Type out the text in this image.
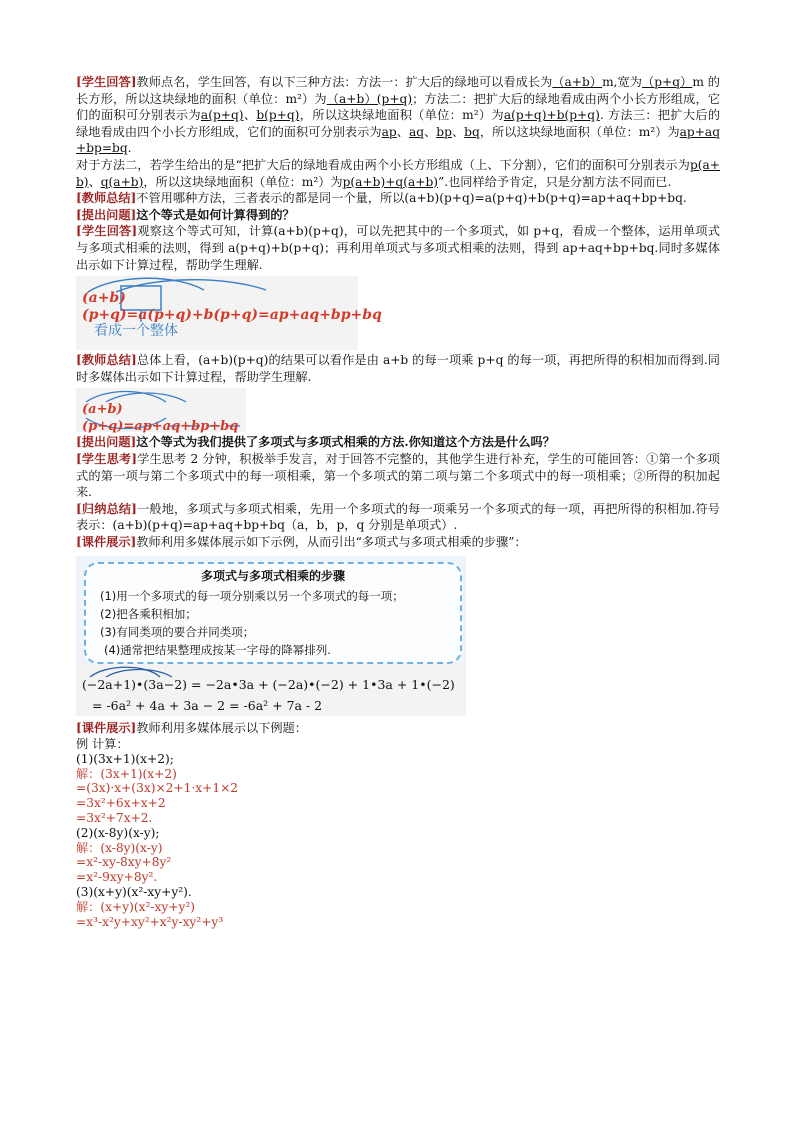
[学生回答]教师点名，学生回答，有以下三种方法：方法一：扩大后的绿地可以看成长为（a+b）m,宽为（p+q）m 的长方形，所以这块绿地的面积（单位：m²）为（a+b）(p+q)；方法二：把扩大后的绿地看成由两个小长方形组成，它们的面积可分别表示为a(p+q)、b(p+q)，所以这块绿地面积（单位：m²）为a(p+q)+b(p+q). 方法三：把扩大后的绿地看成由四个小长方形组成，它们的面积可分别表示为ap、aq、bp、bq，所以这块绿地面积（单位：m²）为ap+aq+bp=bq.

对于方法二，若学生给出的是“把扩大后的绿地看成由两个小长方形组成（上、下分割），它们的面积可分别表示为p(a+b)、q(a+b)，所以这块绿地面积（单位：m²）为p(a+b)+q(a+b)”.也同样给予肯定，只是分割方法不同而已.

[教师总结]不管用哪种方法，三者表示的都是同一个量，所以(a+b)(p+q)=a(p+q)+b(p+q)=ap+aq+bp+bq.

[提出问题]这个等式是如何计算得到的？

[学生回答]观察这个等式可知，计算(a+b)(p+q)，可以先把其中的一个多项式，如 p+q，看成一个整体，运用单项式与多项式相乘的法则，得到 a(p+q)+b(p+q)；再利用单项式与多项式相乘的法则，得到 ap+aq+bp+bq.同时多媒体出示如下计算过程，帮助学生理解.

(a+b)(p+q)=a(p+q)+b(p+q)=ap+aq+bp+bq
看成一个整体

[教师总结]总体上看，(a+b)(p+q)的结果可以看作是由 a+b 的每一项乘 p+q 的每一项，再把所得的积相加而得到.同时多媒体出示如下计算过程，帮助学生理解.

(a+b)(p+q)=ap+aq+bp+bq

[提出问题]这个等式为我们提供了多项式与多项式相乘的方法.你知道这个方法是什么吗？

[学生思考]学生思考 2 分钟，积极举手发言，对于回答不完整的，其他学生进行补充，学生的可能回答：①第一个多项式的第一项与第二个多项式中的每一项相乘，第一个多项式的第二项与第二个多项式中的每一项相乘；②所得的积加起来.

[归纳总结]一般地，多项式与多项式相乘，先用一个多项式的每一项乘另一个多项式的每一项，再把所得的积相加.符号表示：(a+b)(p+q)=ap+aq+bp+bq（a，b，p，q 分别是单项式）.

[课件展示]教师利用多媒体展示如下示例，从而引出“多项式与多项式相乘的步骤”：

多项式与多项式相乘的步骤
(1)用一个多项式的每一项分别乘以另一个多项式的每一项；
(2)把各乘积相加；
(3)有同类项的要合并同类项；
(4)通常把结果整理成按某一字母的降幂排列.
(−2a+1)•(3a−2) = −2a•3a + (−2a)•(−2) + 1•3a + 1•(−2)
= -6a² + 4a + 3a − 2 = -6a² + 7a - 2

[课件展示]教师利用多媒体展示以下例题：

例 计算：
(1)(3x+1)(x+2);
解：(3x+1)(x+2)
=(3x)·x+(3x)×2+1·x+1×2
=3x²+6x+x+2
=3x²+7x+2.
(2)(x-8y)(x-y);
解：(x-8y)(x-y)
=x²-xy-8xy+8y²
=x²-9xy+8y².
(3)(x+y)(x²-xy+y²).
解：(x+y)(x²-xy+y²)
=x³-x²y+xy²+x²y-xy²+y³
